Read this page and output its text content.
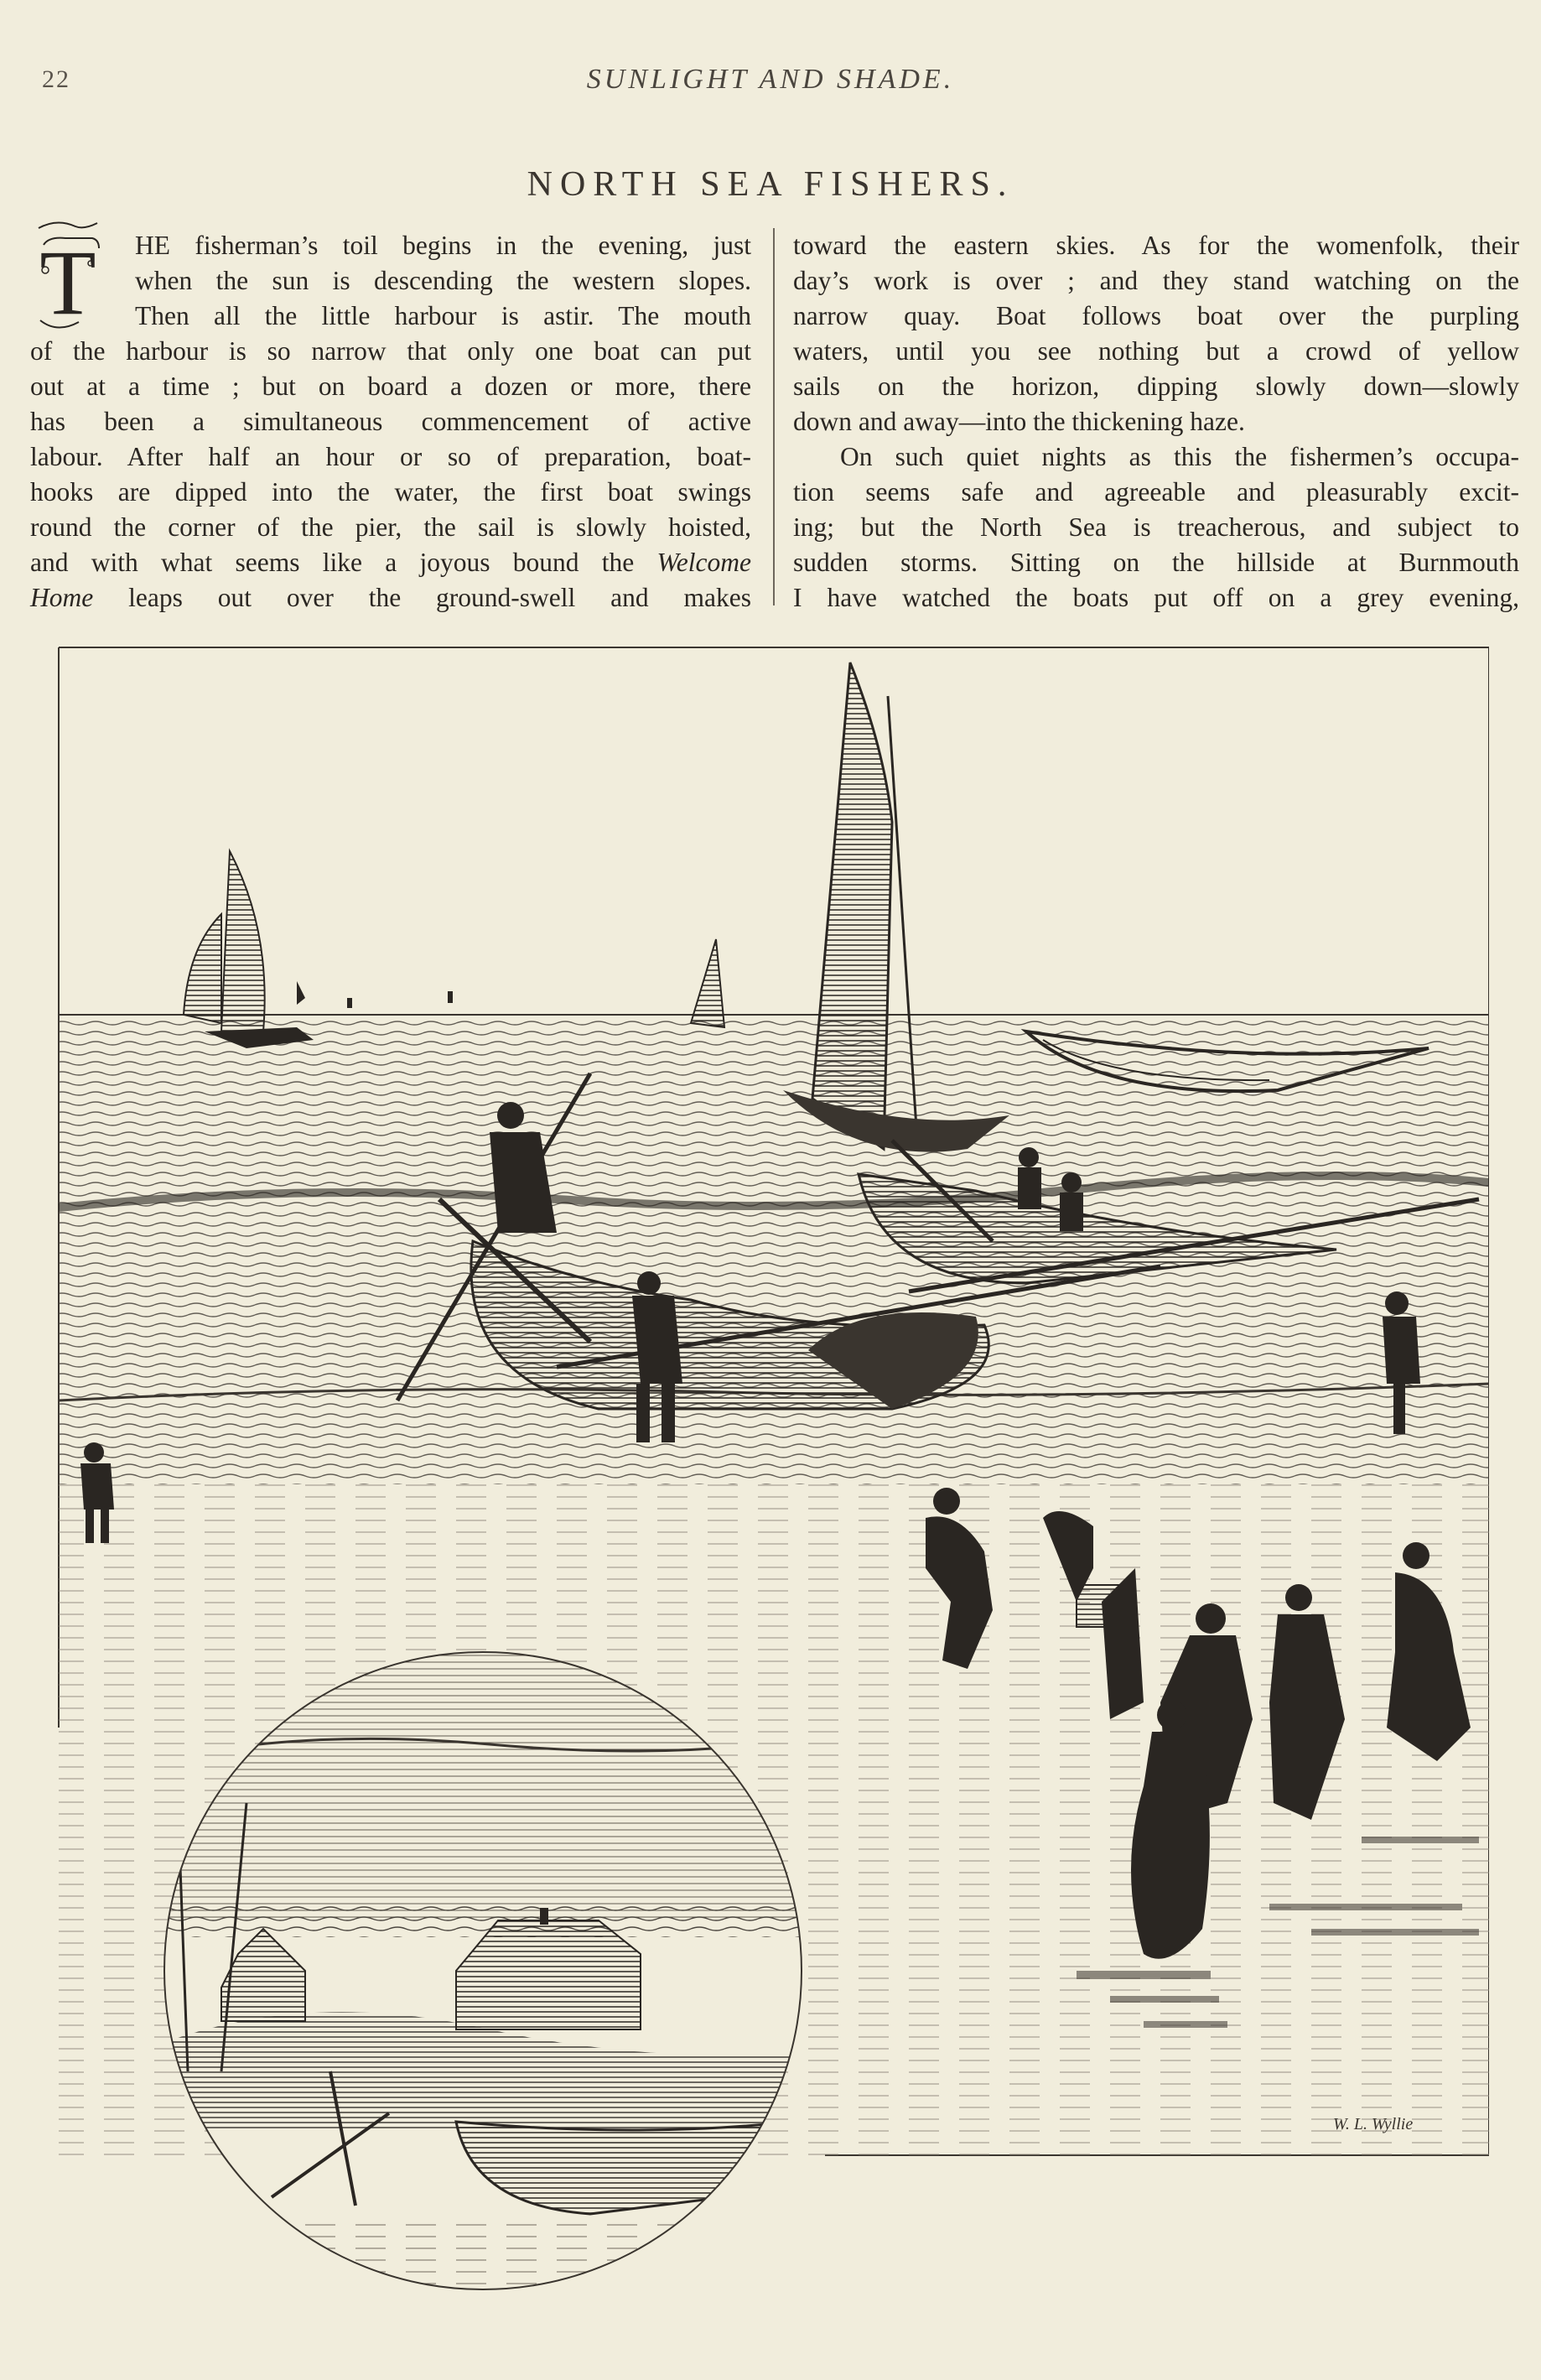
22	SUNLIGHT AND SHADE.
NORTH SEA FISHERS.
T	HE fisherman’s toil begins in the evening, just
when the sun is descending the western slopes.
Then all the little harbour is astir. The mouth
of the harbour is so narrow that only one boat can put
out at a time ; but on board a dozen or more, there
has been a simultaneous commencement of active
labour. After half an hour or so of preparation, boat-
hooks are dipped into the water, the first boat swings
round the corner of the pier, the sail is slowly hoisted,
and with what seems like a joyous bound the Welcome
Home leaps out over the ground-swell and makes
toward the eastern skies. As for the womenfolk, their
day’s work is over ; and they stand watching on the
narrow quay. Boat follows boat over the purpling
waters, until you see nothing but a crowd of yellow
sails on the horizon, dipping slowly down—slowly
down and away—into the thickening haze.
On such quiet nights as this the fishermen’s occupa-
tion seems safe and agreeable and pleasurably excit-
ing; but the North Sea is treacherous, and subject to
sudden storms. Sitting on the hillside at Burnmouth
I have watched the boats put off on a grey evening,
W. L. Wyllie
